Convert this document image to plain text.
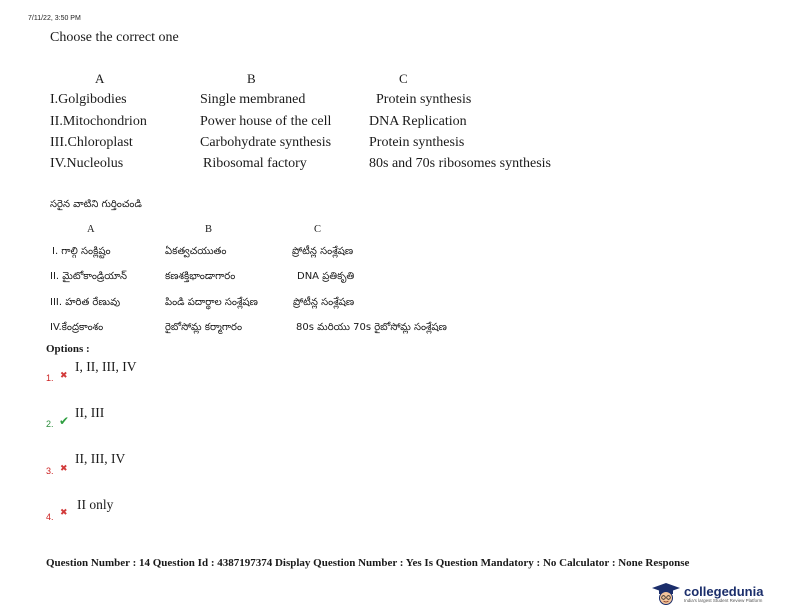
7/11/22, 3:50 PM
Choose the correct one
A	B	C
I.Golgibodies	Single membraned	Protein synthesis
II.Mitochondrion	Power house of the cell	DNA Replication
III.Chloroplast	Carbohydrate synthesis	Protein synthesis
IV.Nucleolus	Ribosomal factory	80s and 70s ribosomes synthesis
సరైన వాటిని గుర్తించండి
A	B	C
I. గాల్గి సంక్లిష్టం	ఏకత్వచయుతం	ప్రోటీన్ల సంశ్లేషణ
II. మైటోకాండ్రియాన్	కణశక్తిభాండాగారం	DNA ప్రతికృతి
III. హరిత రేణువు	పిండి పదార్థాల సంశ్లేషణ	ప్రోటీన్ల సంశ్లేషణ
IV.కేంద్రకాంశం	రైబోసోమ్ల కర్మాగారం	80s మరియు 70s రైబోసోమ్ల సంశ్లేషణ
Options :
1. ✖
I, II, III, IV
2. ✔
II, III
3. ✖
II, III, IV
4. ✖
II only
Question Number : 14 Question Id : 4387197374 Display Question Number : Yes Is Question Mandatory : No Calculator : None Response
collegedunia
India's largest Student Review Platform
